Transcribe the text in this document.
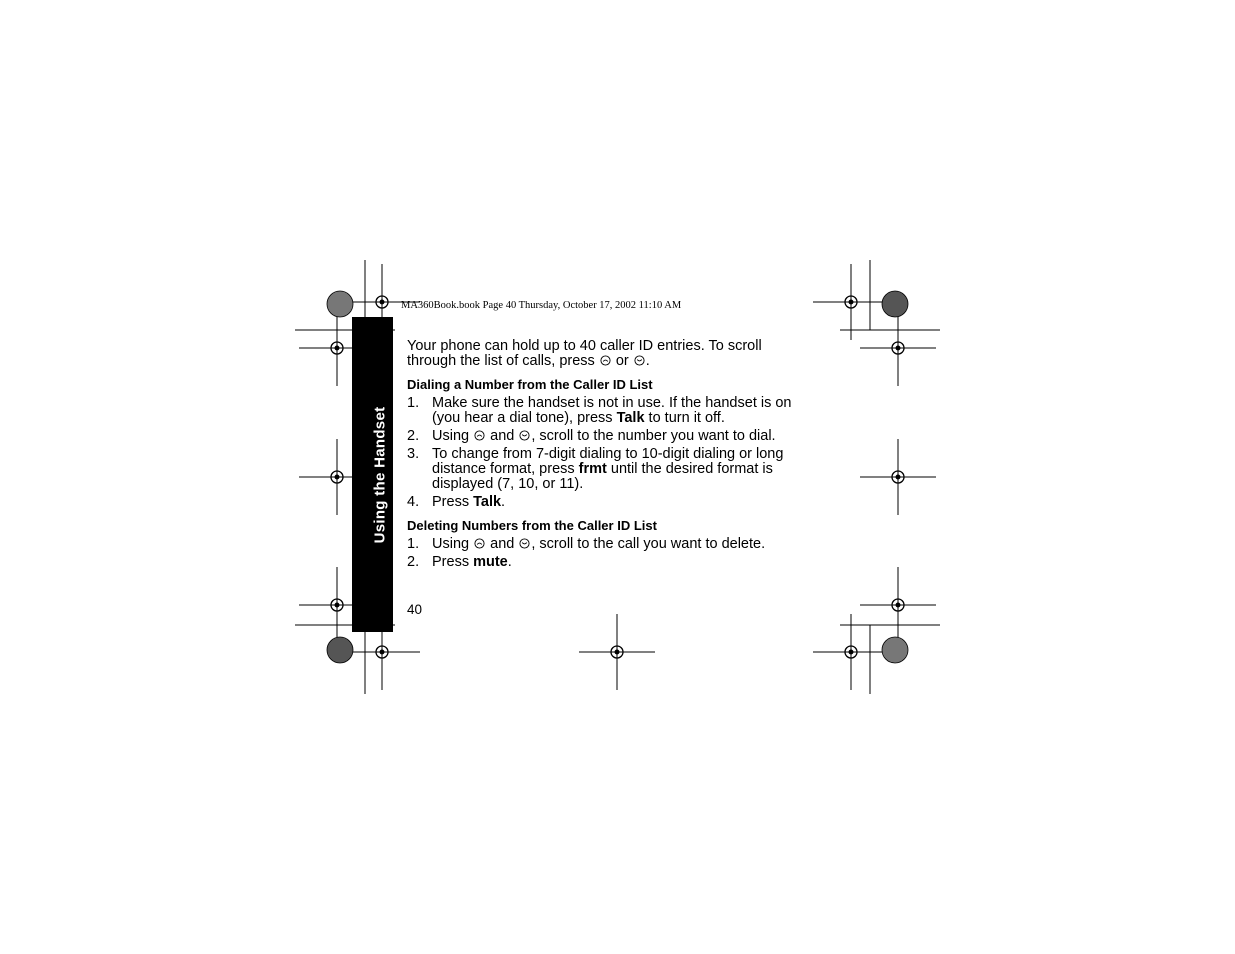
MA360Book.book Page 40 Thursday, October 17, 2002 11:10 AM
Using the Handset

Your phone can hold up to 40 caller ID entries. To scroll through the list of calls, press or .

Dialing a Number from the Caller ID List
1. Make sure the handset is not in use. If the handset is on (you hear a dial tone), press Talk to turn it off.
2. Using and , scroll to the number you want to dial.
3. To change from 7-digit dialing to 10-digit dialing or long distance format, press frmt until the desired format is displayed (7, 10, or 11).
4. Press Talk.
Deleting Numbers from the Caller ID List
1. Using and , scroll to the call you want to delete.
2. Press mute.
40
